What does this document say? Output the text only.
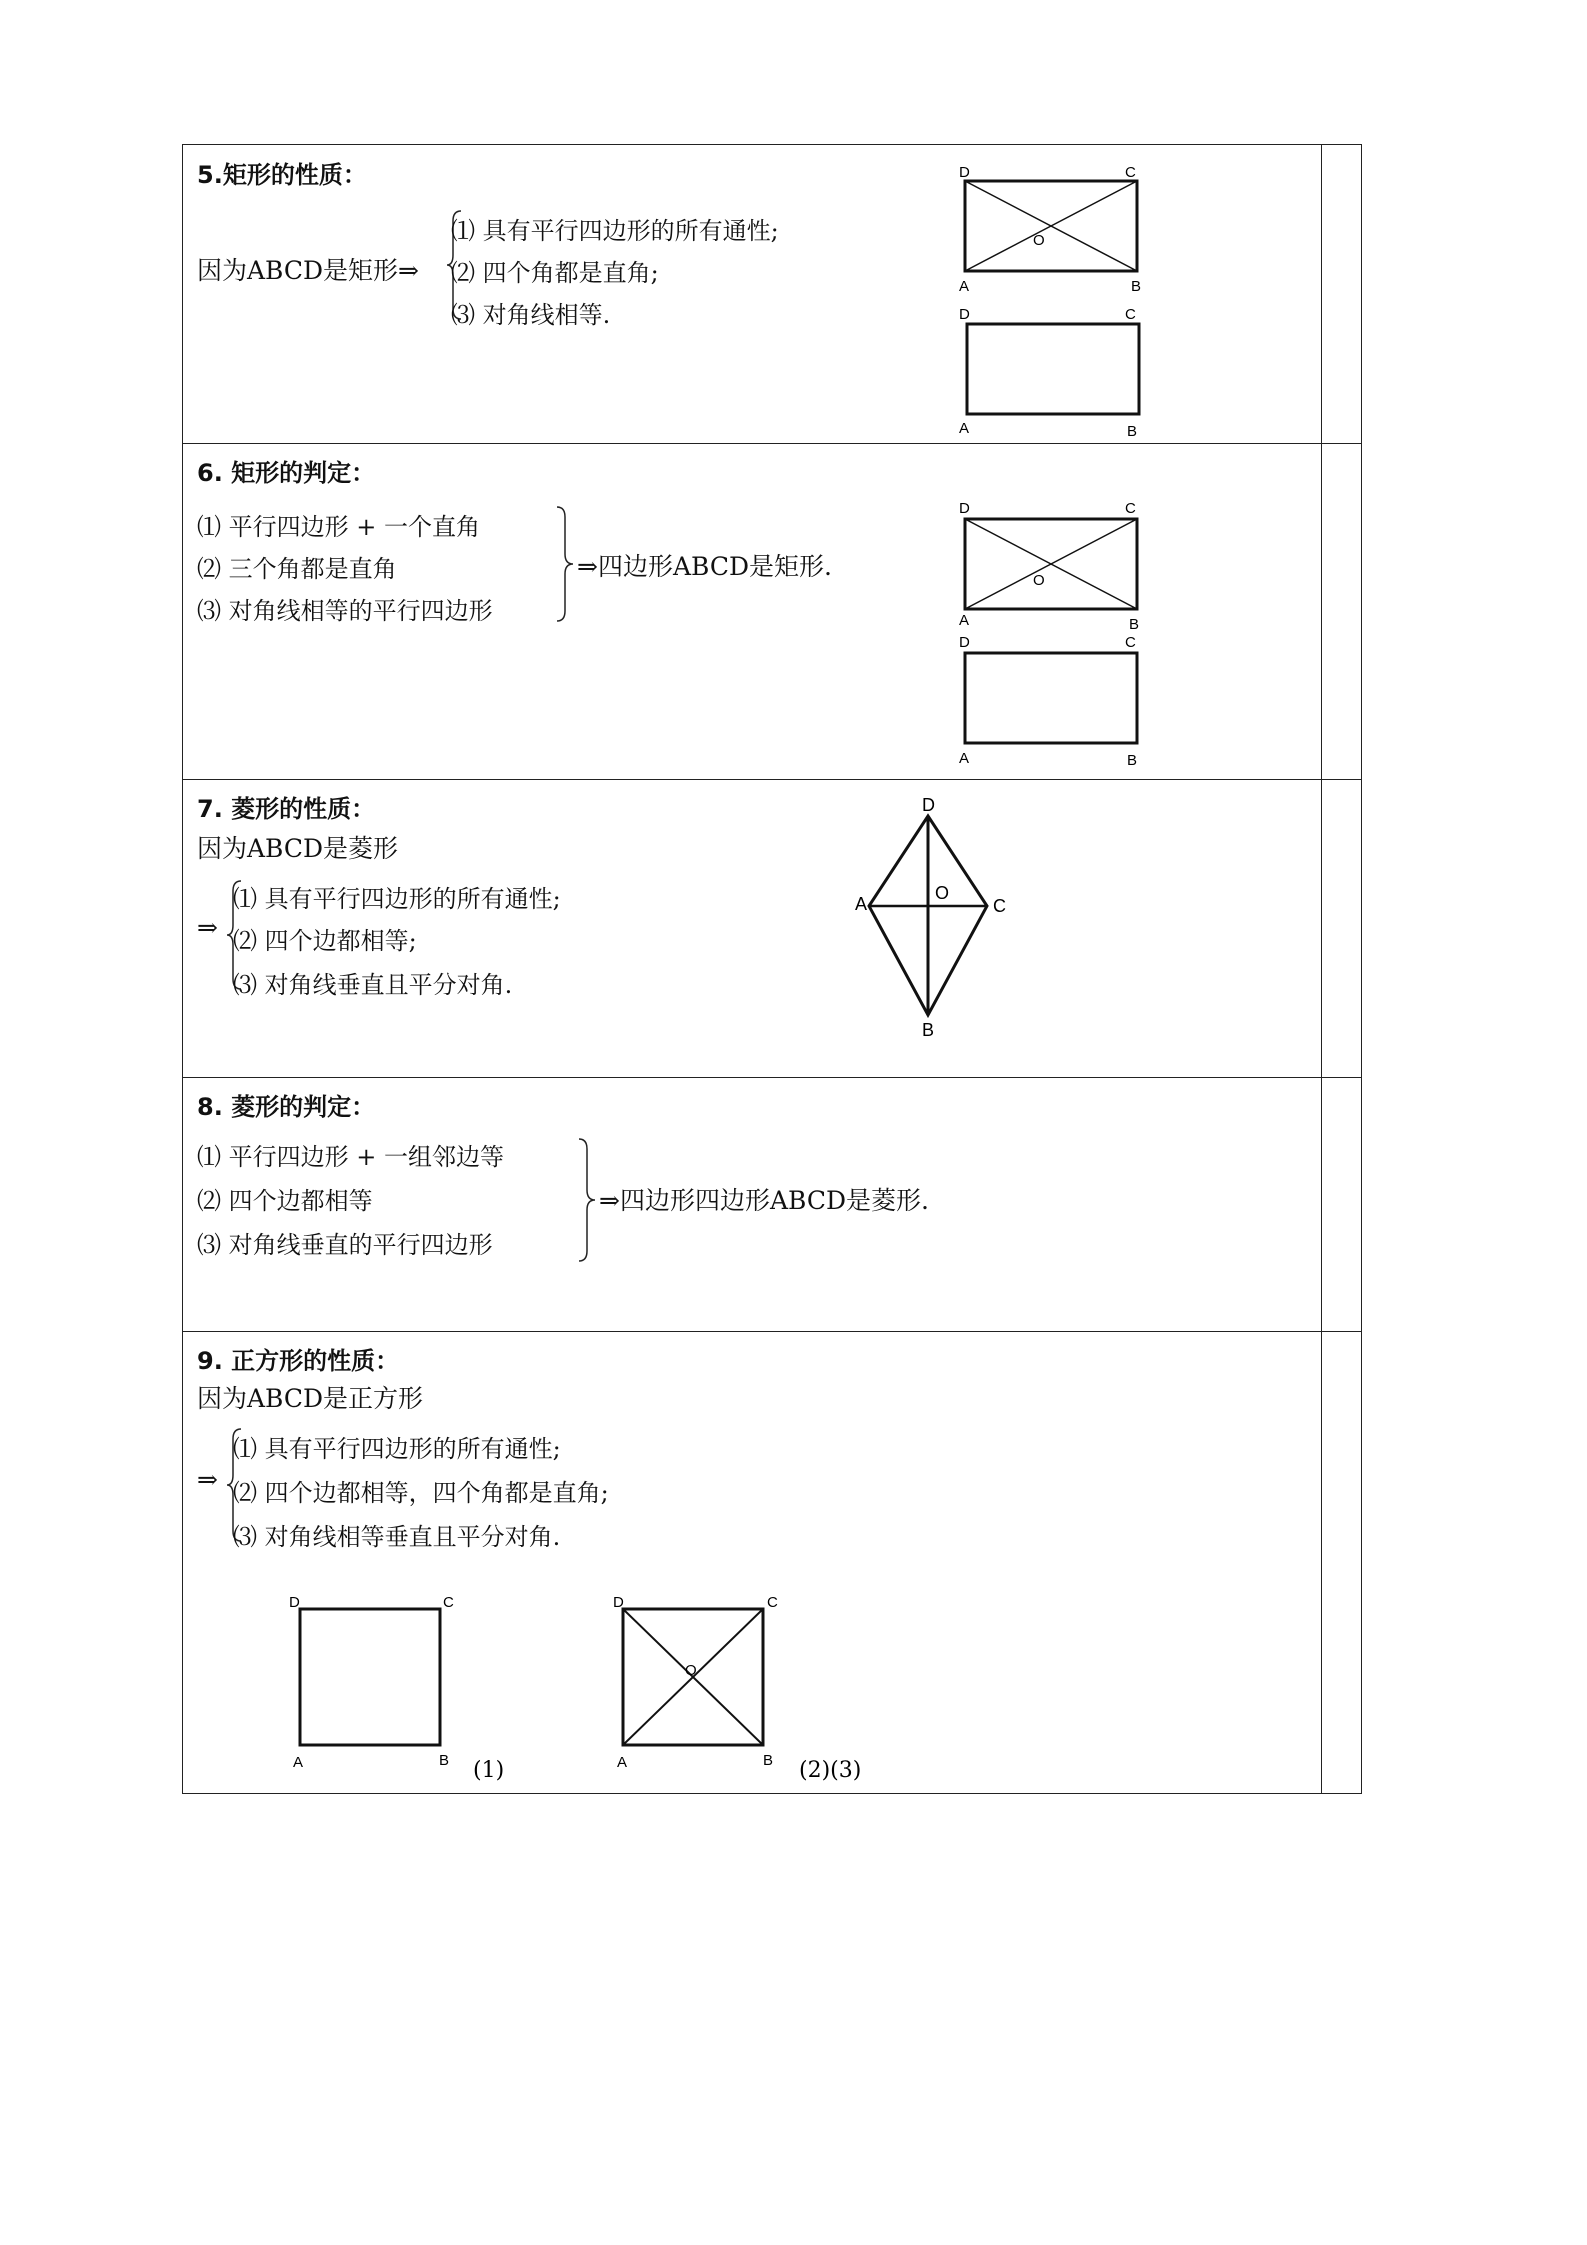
5.矩形的性质：
因为ABCD是矩形⇒
⑴ 具有平行四边形的所有通性;
⑵ 四个角都是直角;
⑶ 对角线相等.
D	C
A	B
O
D	C
A	B
6. 矩形的判定：
⑴ 平行四边形 + 一个直角
⑵ 三个角都是直角
⑶ 对角线相等的平行四边形
⇒四边形ABCD是矩形.
D	C
A	B
O
D	C
A	B
7. 菱形的性质：
因为ABCD是菱形
⇒
⑴ 具有平行四边形的所有通性;
⑵ 四个边都相等;
⑶ 对角线垂直且平分对角.
D
A	C
B
O
8. 菱形的判定：
⑴ 平行四边形 + 一组邻边等
⑵ 四个边都相等
⑶ 对角线垂直的平行四边形
⇒四边形四边形ABCD是菱形.
9. 正方形的性质：
因为ABCD是正方形
⇒
⑴ 具有平行四边形的所有通性;
⑵ 四个边都相等，四个角都是直角;
⑶ 对角线相等垂直且平分对角.
D	C
A	B (1)
D	C
A	B
O
(2)(3)
